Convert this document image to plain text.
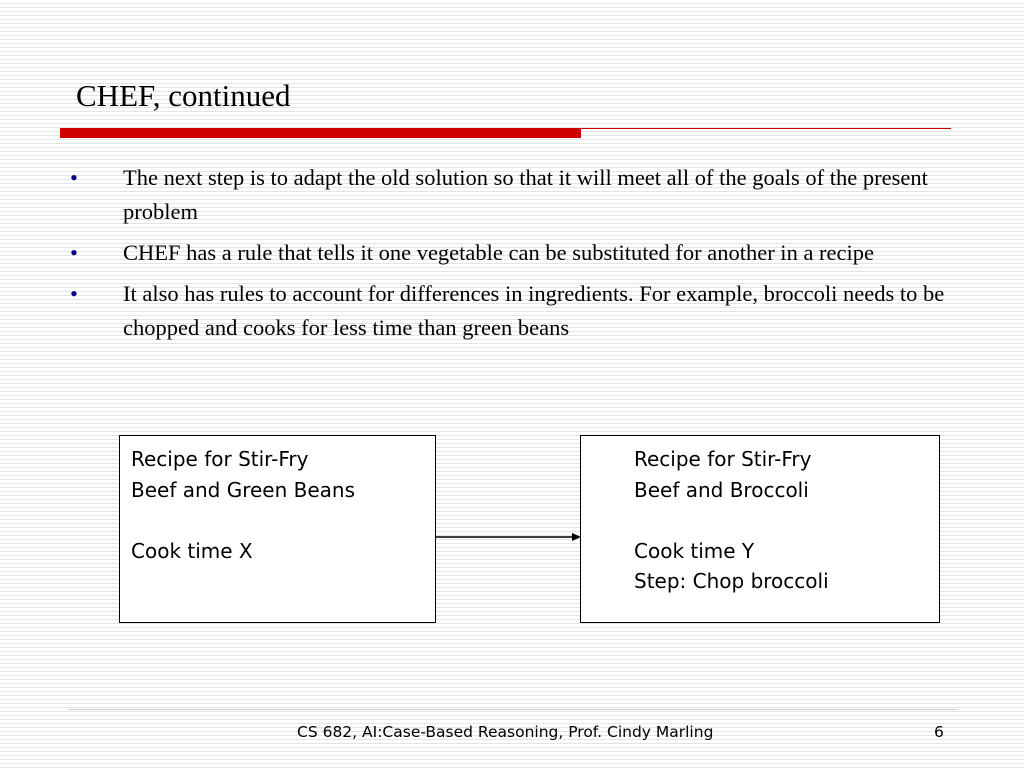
CHEF, continued
• The next step is to adapt the old solution so that it will meet all of the goals of the present problem
• CHEF has a rule that tells it one vegetable can be substituted for another in a recipe
• It also has rules to account for differences in ingredients. For example, broccoli needs to be chopped and cooks for less time than green beans
Recipe for Stir-Fry
Beef and Green Beans
Cook time X
Recipe for Stir-Fry
Beef and Broccoli
Cook time Y
Step: Chop broccoli
CS 682, AI:Case-Based Reasoning, Prof. Cindy Marling	6
